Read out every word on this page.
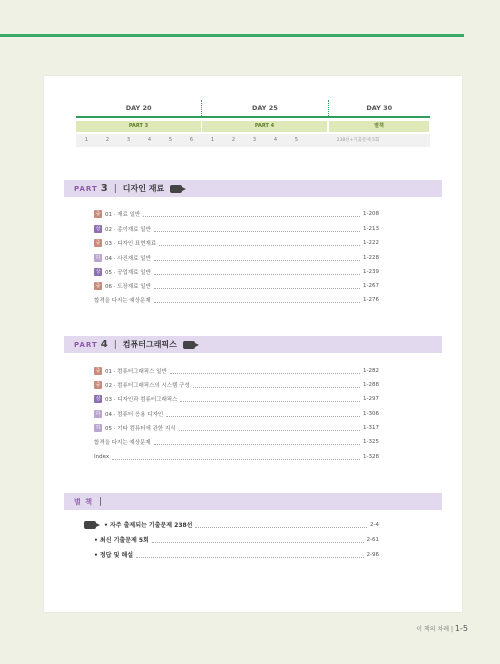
DAY 20	DAY 25	DAY 30
PART 3	PART 4	별책
1	2	3	4	5	6	1	2	3	4	5	238선+기출문제 5회
PART 3 | 디자인 재료
중 01 · 재료 일반	1-208
상 02 · 종이재료 일반	1-213
중 03 · 디자인 표현재료	1-222
하 04 · 사진재료 일반	1-228
상 05 · 공업재료 일반	1-239
중 06 · 도장재료 일반	1-267
합격을 다지는 예상문제	1-276
PART 4 | 컴퓨터그래픽스
중 01 · 컴퓨터그래픽스 일반	1-282
중 02 · 컴퓨터그래픽스의 시스템 구성	1-288
상 03 · 디자인과 컴퓨터그래픽스	1-297
하 04 · 컴퓨터 응용 디자인	1-306
하 05 · 기타 컴퓨터에 관한 지식	1-317
합격을 다지는 예상문제	1-325
Index	1-328
별 책 |
• 자주 출제되는 기출문제 238선	2-4
• 최신 기출문제 5회	2-61
• 정답 및 해설	2-96
이 책의 차례 | 1-5
